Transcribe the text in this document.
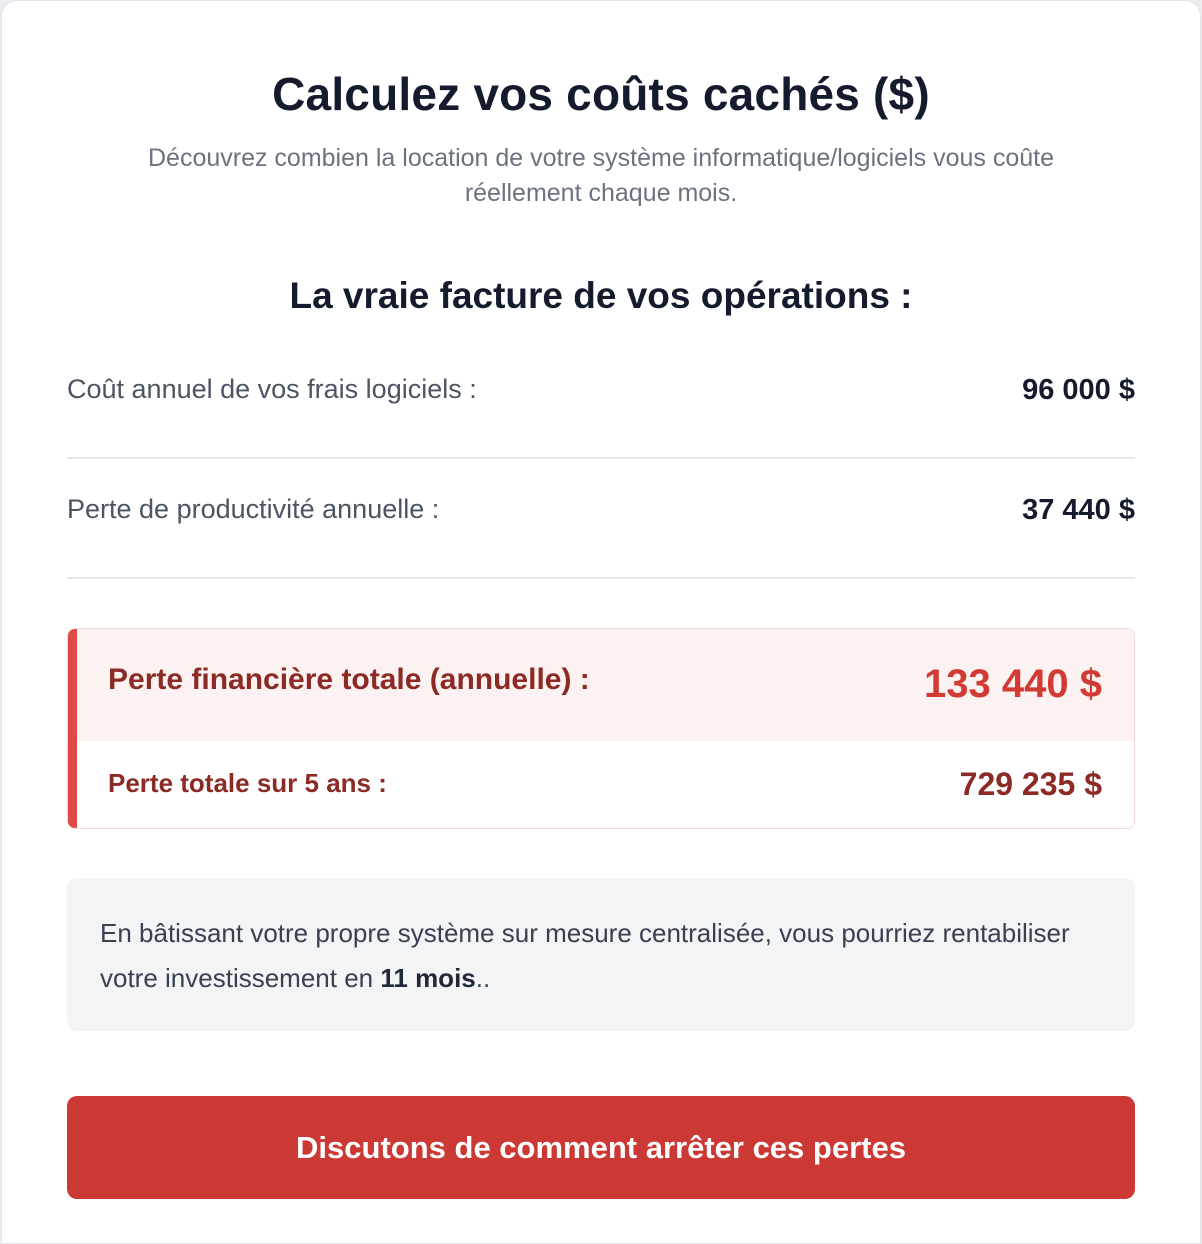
Calculez vos coûts cachés ($)

Découvrez combien la location de votre système informatique/logiciels vous coûte réellement chaque mois.

La vraie facture de vos opérations :
Coût annuel de vos frais logiciels :	96 000 $
Perte de productivité annuelle :	37 440 $
Perte financière totale (annuelle) :	133 440 $
Perte totale sur 5 ans :	729 235 $

En bâtissant votre propre système sur mesure centralisée, vous pourriez rentabiliser votre investissement en 11 mois..

Discutons de comment arrêter ces pertes
